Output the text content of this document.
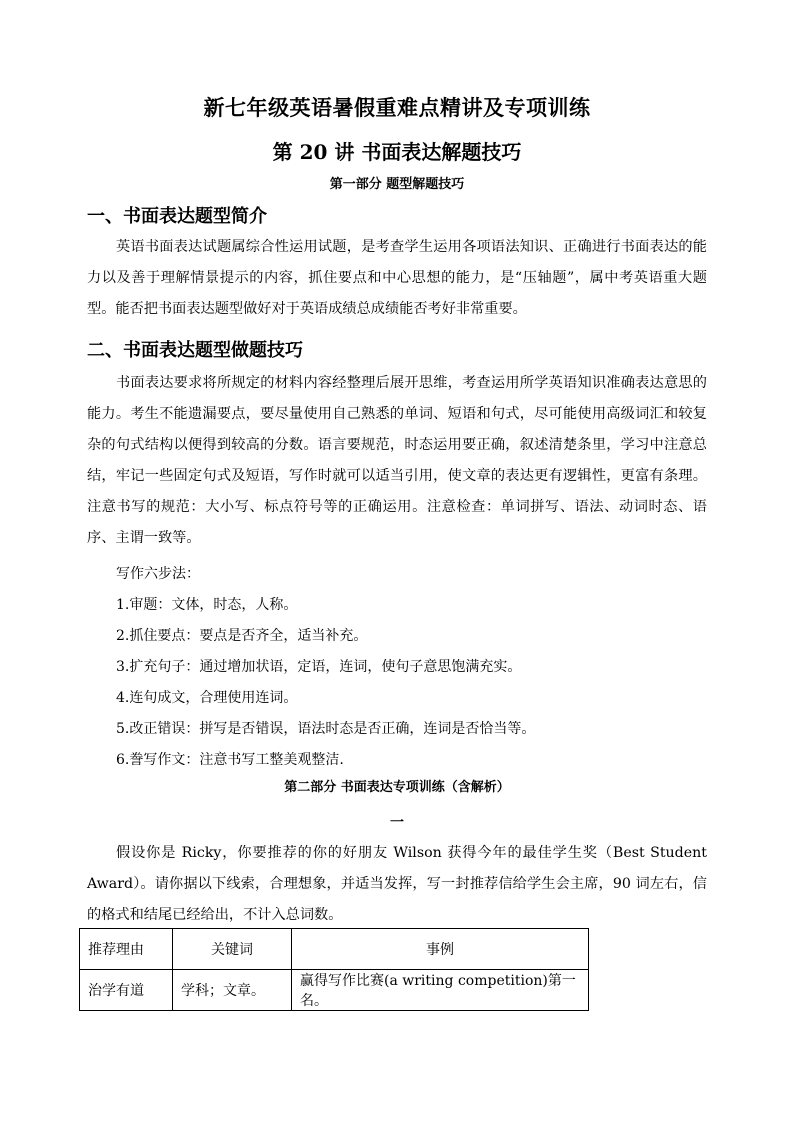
新七年级英语暑假重难点精讲及专项训练
第 20 讲 书面表达解题技巧
第一部分 题型解题技巧
一、书面表达题型简介
英语书面表达试题属综合性运用试题，是考查学生运用各项语法知识、正确进行书面表达的能力以及善于理解情景提示的内容，抓住要点和中心思想的能力，是“压轴题”，属中考英语重大题型。能否把书面表达题型做好对于英语成绩总成绩能否考好非常重要。
二、书面表达题型做题技巧
书面表达要求将所规定的材料内容经整理后展开思维，考查运用所学英语知识准确表达意思的能力。考生不能遗漏要点，要尽量使用自己熟悉的单词、短语和句式，尽可能使用高级词汇和较复杂的句式结构以便得到较高的分数。语言要规范，时态运用要正确，叙述清楚条里，学习中注意总结，牢记一些固定句式及短语，写作时就可以适当引用，使文章的表达更有逻辑性，更富有条理。注意书写的规范：大小写、标点符号等的正确运用。注意检查：单词拼写、语法、动词时态、语序、主谓一致等。
写作六步法：
1.审题：文体，时态，人称。
2.抓住要点：要点是否齐全，适当补充。
3.扩充句子：通过增加状语，定语，连词，使句子意思饱满充实。
4.连句成文，合理使用连词。
5.改正错误：拼写是否错误，语法时态是否正确，连词是否恰当等。
6.誊写作文：注意书写工整美观整洁.
第二部分 书面表达专项训练（含解析）
一
假设你是 Ricky，你要推荐的你的好朋友 Wilson 获得今年的最佳学生奖（Best Student Award）。请你据以下线索，合理想象，并适当发挥，写一封推荐信给学生会主席，90 词左右，信的格式和结尾已经给出，不计入总词数。
推荐理由	关键词	事例
治学有道	学科；文章。	赢得写作比赛(a writing competition)第一名。
